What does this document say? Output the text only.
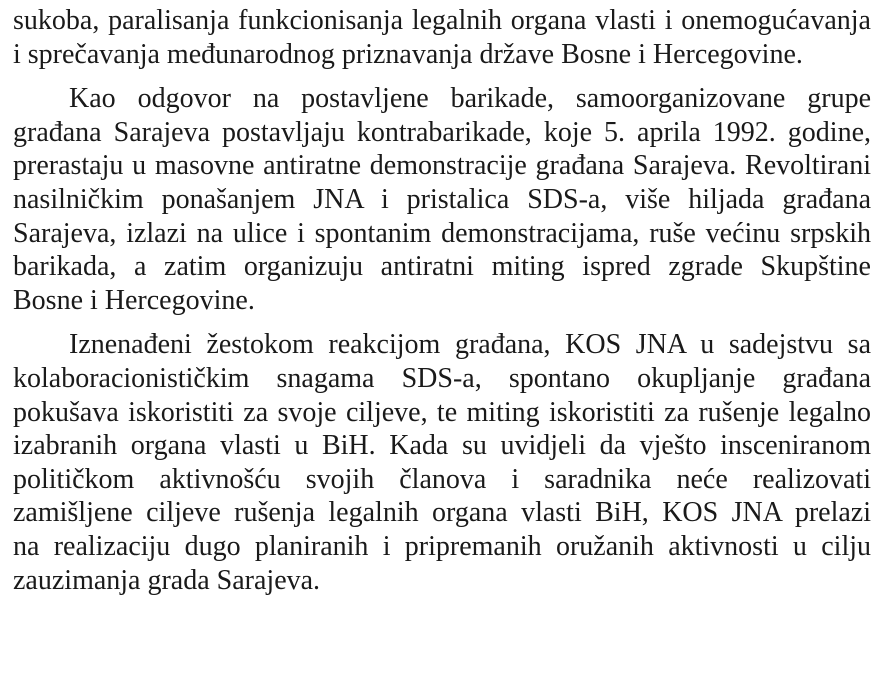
sukoba, paralisanja funkcionisanja legalnih organa vlasti i onemogućavanja
i sprečavanja međunarodnog priznavanja države Bosne i Hercegovine.

Kao odgovor na postavljene barikade, samoorganizovane grupe
građana Sarajeva postavljaju kontrabarikade, koje 5. aprila 1992. godine,
prerastaju u masovne antiratne demonstracije građana Sarajeva. Revoltirani
nasilničkim ponašanjem JNA i pristalica SDS-a, više hiljada građana
Sarajeva, izlazi na ulice i spontanim demonstracijama, ruše većinu srpskih
barikada, a zatim organizuju antiratni miting ispred zgrade Skupštine
Bosne i Hercegovine.

Iznenađeni žestokom reakcijom građana, KOS JNA u sadejstvu sa
kolaboracionističkim snagama SDS-a, spontano okupljanje građana
pokušava iskoristiti za svoje ciljeve, te miting iskoristiti za rušenje legalno
izabranih organa vlasti u BiH. Kada su uvidjeli da vješto insceniranom
političkom aktivnošću svojih članova i saradnika neće realizovati
zamišljene ciljeve rušenja legalnih organa vlasti BiH, KOS JNA prelazi
na realizaciju dugo planiranih i pripremanih oružanih aktivnosti u cilju
zauzimanja grada Sarajeva.
